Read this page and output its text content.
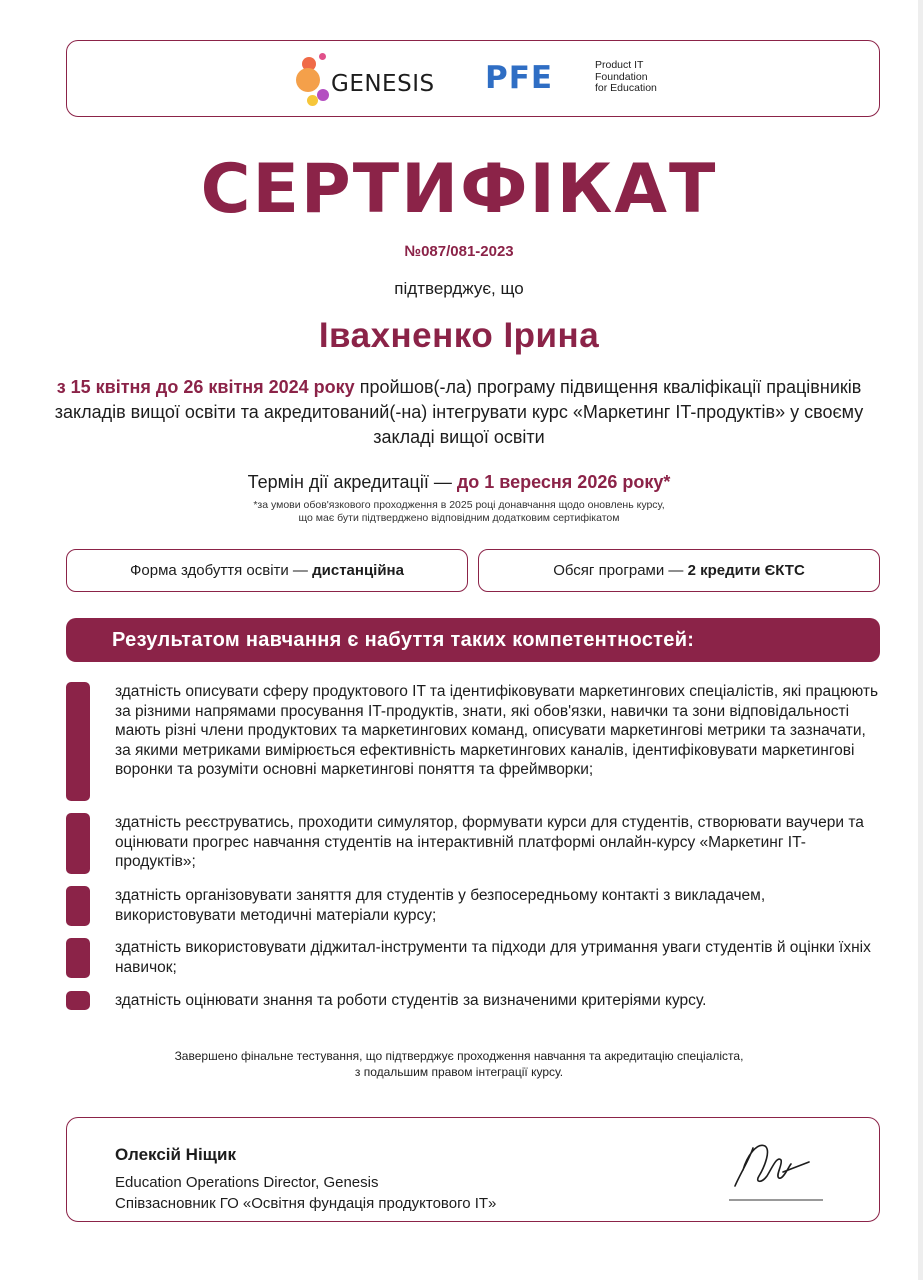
GENESIS PFE	Product IT
Foundation
for Education
СЕРТИФІКАТ
№087/081-2023
підтверджує, що
Івахненко Ірина
з 15 квітня до 26 квітня 2024 року пройшов(-ла) програму підвищення кваліфікації працівників закладів вищої освіти та акредитований(-на) інтегрувати курс «Маркетинг IT-продуктів» у своєму закладі вищої освіти
Термін дії акредитації — до 1 вересня 2026 року*
*за умови обов'язкового проходження в 2025 році донавчання щодо оновлень курсу,
що має бути підтверджено відповідним додатковим сертифікатом
Форма здобуття освіти —
дистанційна	Обсяг програми —
2 кредити ЄКТС
Результатом навчання є набуття таких компетентностей:
здатність описувати сферу продуктового IT та ідентифіковувати маркетингових спеціалістів, які працюють за різними напрямами просування IT-продуктів, знати, які обов'язки, навички та зони відповідальності мають різні члени продуктових та маркетингових команд, описувати маркетингові метрики та зазначати, за якими метриками вимірюється ефективність маркетингових каналів, ідентифіковувати маркетингові воронки та розуміти основні маркетингові поняття та фреймворки;
здатність реєструватись, проходити симулятор, формувати курси для студентів, створювати ваучери та оцінювати прогрес навчання студентів на інтерактивній платформі онлайн-курсу «Маркетинг IT-продуктів»;
здатність організовувати заняття для студентів у безпосередньому контакті з викладачем, використовувати методичні матеріали курсу;
здатність використовувати діджитал-інструменти та підходи для утримання уваги студентів й оцінки їхніх навичок;
здатність оцінювати знання та роботи студентів за визначеними критеріями курсу.
Завершено фінальне тестування, що підтверджує проходження навчання та акредитацію спеціаліста,
з подальшим правом інтеграції курсу.
Олексій Ніщик
Education Operations Director, Genesis
Співзасновник ГО «Освітня фундація продуктового IT»
